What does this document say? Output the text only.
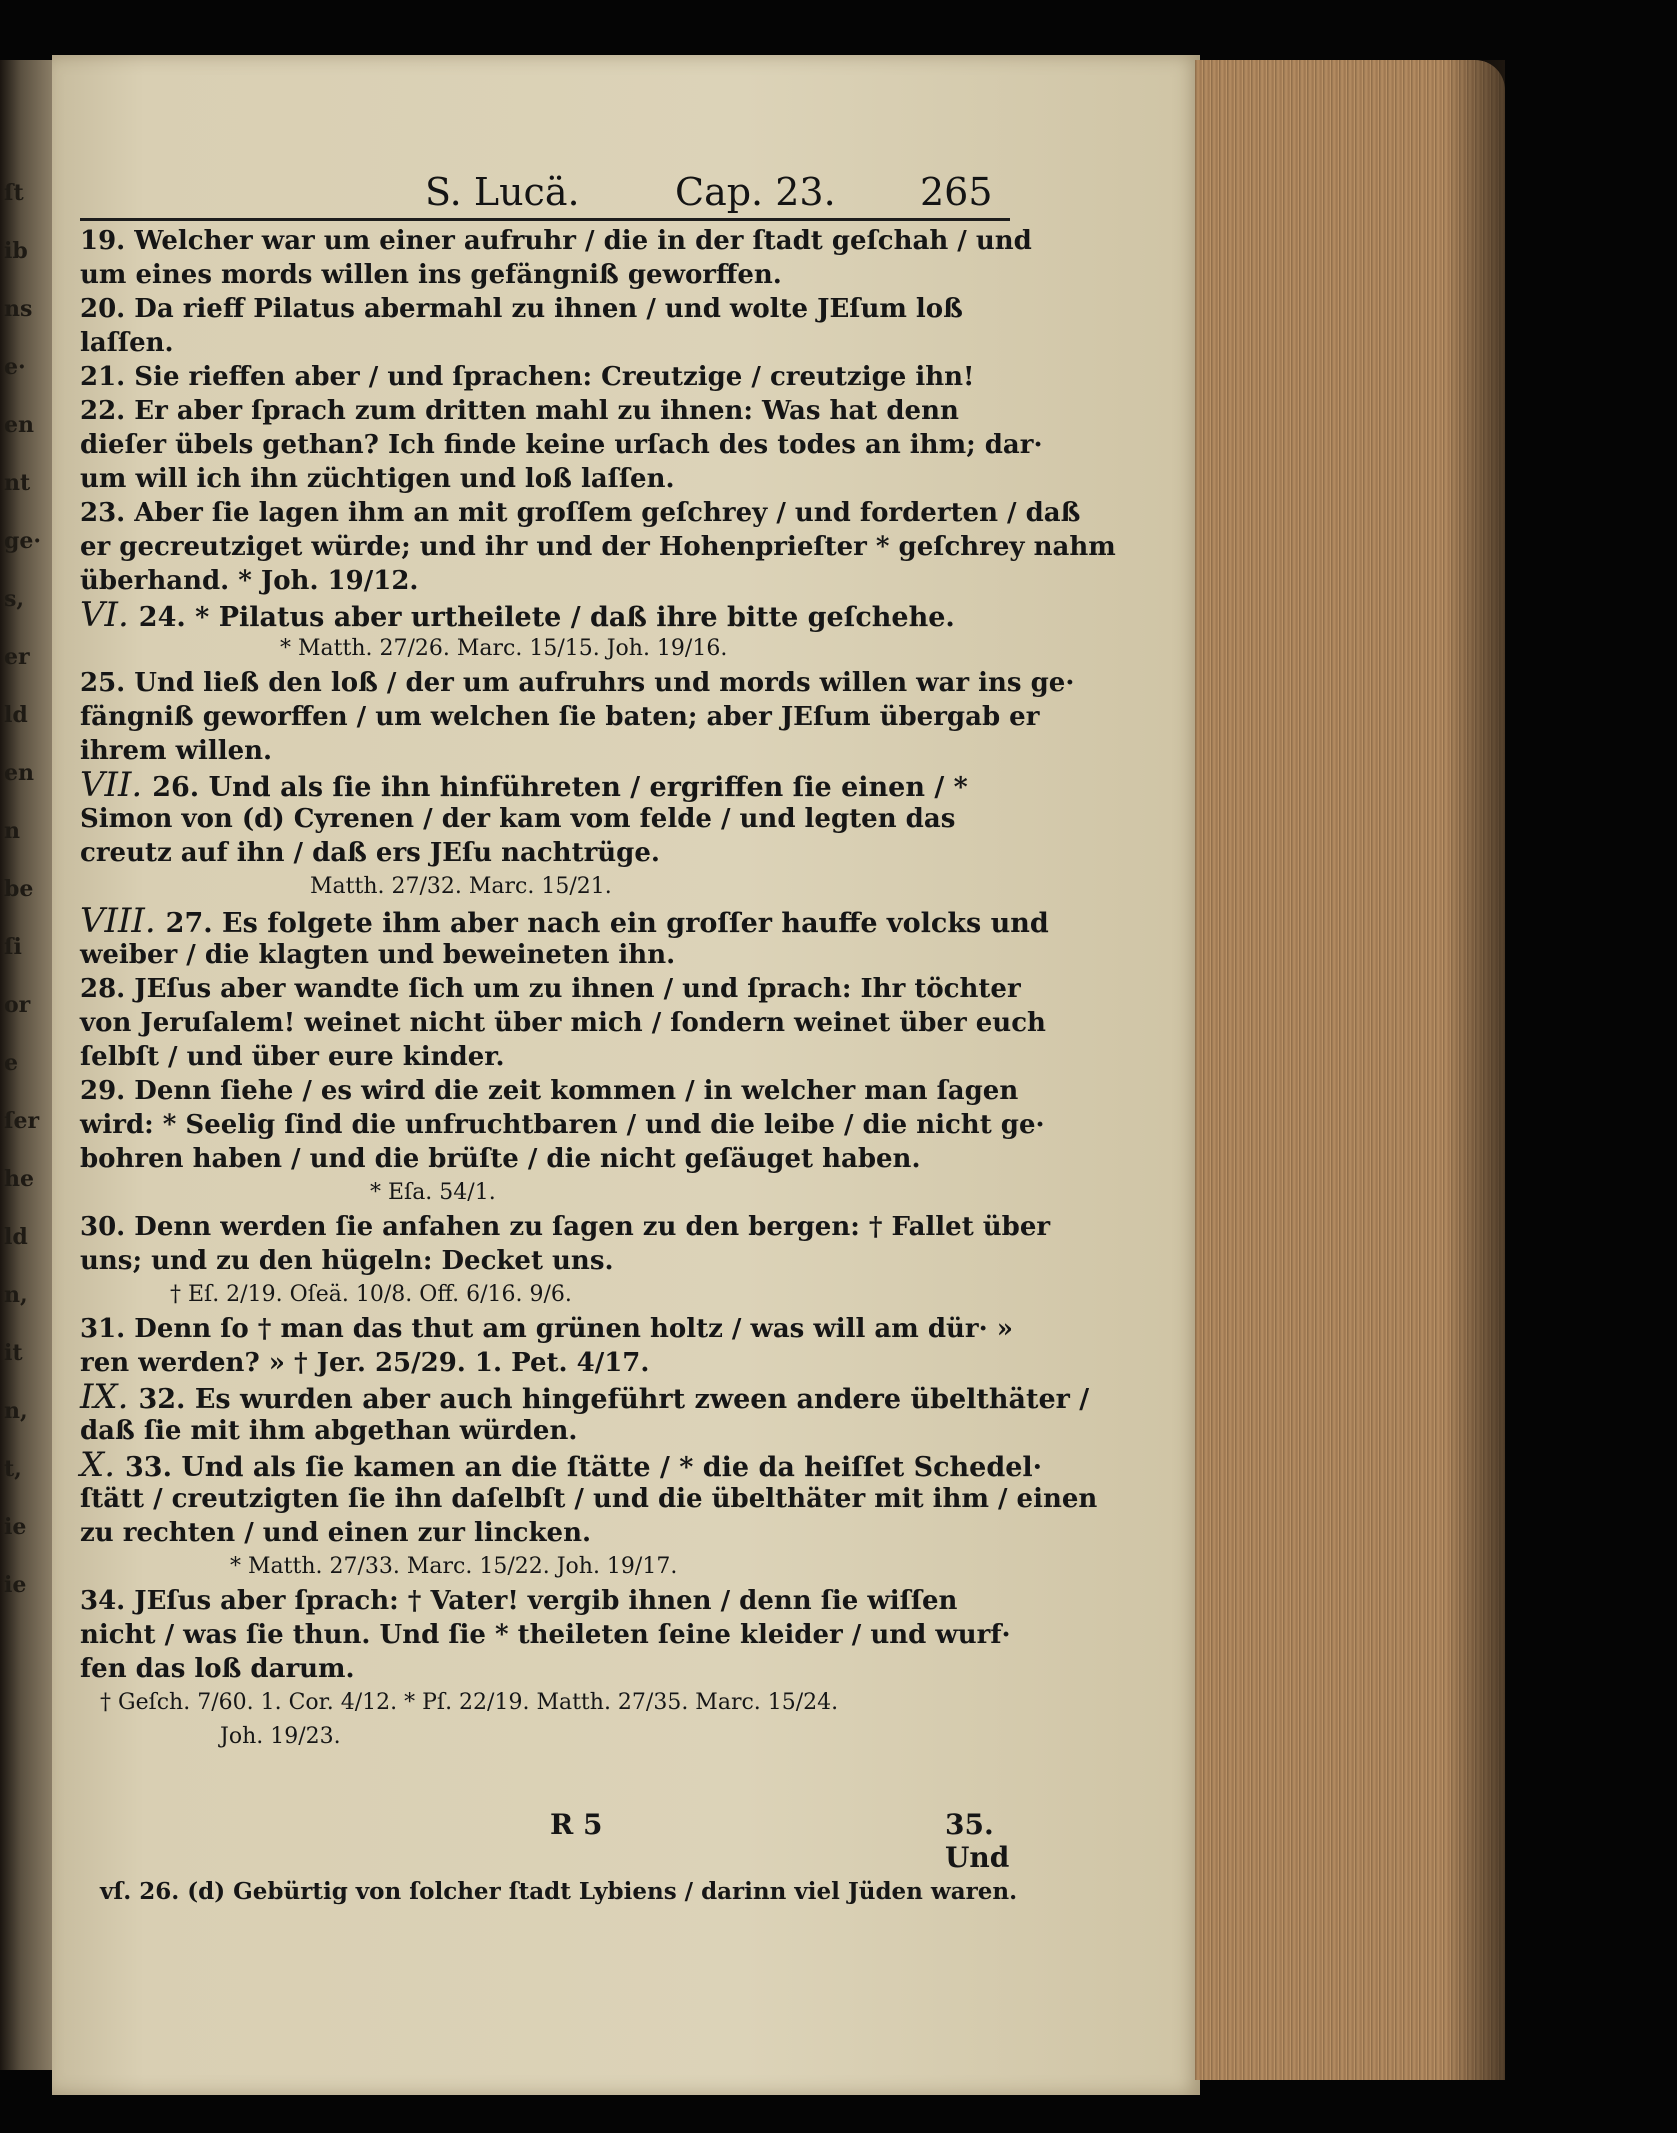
ſt
ib
ns
e·
en
nt
ge·
s,
er
ld
en
n
be
ſi
or
e
ſer
he
ld
n,
it
n,
t,
ie
ie
S. Lucä.	Cap. 23. 265
19. Welcher war um einer aufruhr / die in der ſtadt geſchah / und
um eines mords willen ins gefängniß geworffen.
20. Da rieff Pilatus abermahl zu ihnen / und wolte JEſum loß
laſſen.
21. Sie rieffen aber / und ſprachen: Creutzige / creutzige ihn!
22. Er aber ſprach zum dritten mahl zu ihnen: Was hat denn
dieſer übels gethan? Ich finde keine urſach des todes an ihm; dar·
um will ich ihn züchtigen und loß laſſen.
23. Aber ſie lagen ihm an mit groſſem geſchrey / und forderten / daß
er gecreutziget würde; und ihr und der Hohenprieſter * geſchrey nahm
überhand. * Joh. 19/12.
VI. 24. * Pilatus aber urtheilete / daß ihre bitte geſchehe.
* Matth. 27/26. Marc. 15/15. Joh. 19/16.
25. Und ließ den loß / der um aufruhrs und mords willen war ins ge·
fängniß geworffen / um welchen ſie baten; aber JEſum übergab er
ihrem willen.
VII. 26. Und als ſie ihn hinführeten / ergriffen ſie einen / *
Simon von (d) Cyrenen / der kam vom felde / und legten das
creutz auf ihn / daß ers JEſu nachtrüge.
Matth. 27/32. Marc. 15/21.
VIII. 27. Es folgete ihm aber nach ein groſſer hauffe volcks und
weiber / die klagten und beweineten ihn.
28. JEſus aber wandte ſich um zu ihnen / und ſprach: Ihr töchter
von Jeruſalem! weinet nicht über mich / ſondern weinet über euch
ſelbſt / und über eure kinder.
29. Denn ſiehe / es wird die zeit kommen / in welcher man ſagen
wird: * Seelig ſind die unfruchtbaren / und die leibe / die nicht ge·
bohren haben / und die brüſte / die nicht geſäuget haben.
* Eſa. 54/1.
30. Denn werden ſie anfahen zu ſagen zu den bergen: † Fallet über
uns; und zu den hügeln: Decket uns.
† Eſ. 2/19. Oſeä. 10/8. Off. 6/16. 9/6.
31. Denn ſo † man das thut am grünen holtz / was will am dür· »
ren werden? » † Jer. 25/29. 1. Pet. 4/17.
IX. 32. Es wurden aber auch hingeführt zween andere übelthäter /
daß ſie mit ihm abgethan würden.
X. 33. Und als ſie kamen an die ſtätte / * die da heiſſet Schedel·
ſtätt / creutzigten ſie ihn daſelbſt / und die übelthäter mit ihm / einen
zu rechten / und einen zur lincken.
* Matth. 27/33. Marc. 15/22. Joh. 19/17.
34. JEſus aber ſprach: † Vater! vergib ihnen / denn ſie wiſſen
nicht / was ſie thun. Und ſie * theileten ſeine kleider / und wurf·
fen das loß darum.
† Geſch. 7/60. 1. Cor. 4/12. * Pſ. 22/19. Matth. 27/35. Marc. 15/24.
Joh. 19/23.
R 5	35. Und
vſ. 26. (d) Gebürtig von ſolcher ſtadt Lybiens / darinn viel Jüden waren.
